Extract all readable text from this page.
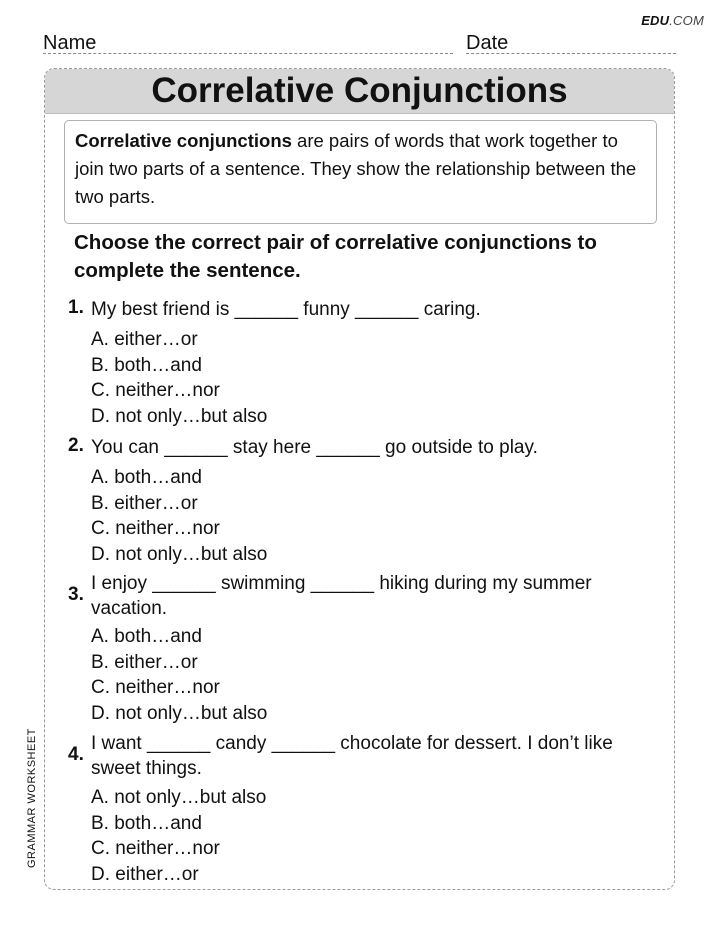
EDU.COM
Name	Date
GRAMMAR WORKSHEET
Correlative Conjunctions
Correlative conjunctions are pairs of words that work together to join two parts of a sentence. They show the relationship between the two parts.
Choose the correct pair of correlative conjunctions to complete the sentence.
1. My best friend is ______ funny ______ caring.
A. either…or
B. both…and
C. neither…nor
D. not only…but also
2. You can ______ stay here ______ go outside to play.
A. both…and
B. either…or
C. neither…nor
D. not only…but also
3.
I enjoy ______ swimming ______ hiking during my summer vacation.
A. both…and
B. either…or
C. neither…nor
D. not only…but also
4.
I want ______ candy ______ chocolate for dessert. I don’t like sweet things.
A. not only…but also
B. both…and
C. neither…nor
D. either…or
